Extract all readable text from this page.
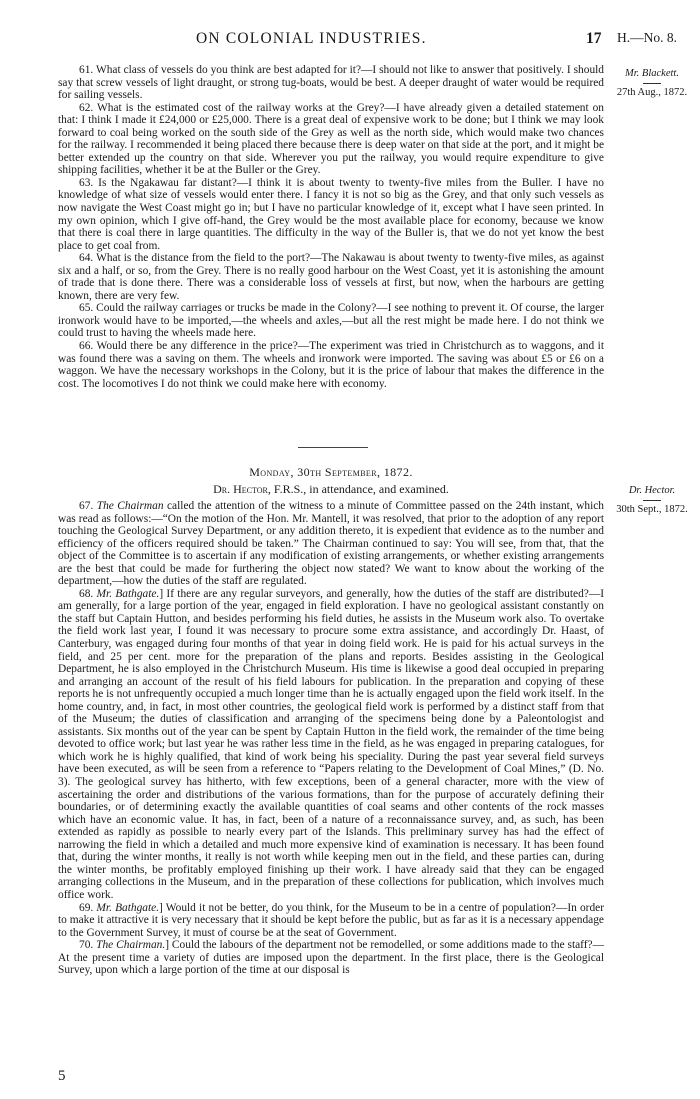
ON COLONIAL INDUSTRIES.	17 H.—No. 8.
Mr. Blackett.
27th Aug., 1872.

61. What class of vessels do you think are best adapted for it?—I should not like to answer that positively. I should say that screw vessels of light draught, or strong tug-boats, would be best. A deeper draught of water would be required for sailing vessels.

62. What is the estimated cost of the railway works at the Grey?—I have already given a detailed statement on that: I think I made it £24,000 or £25,000. There is a great deal of expensive work to be done; but I think we may look forward to coal being worked on the south side of the Grey as well as the north side, which would make two chances for the railway. I recommended it being placed there because there is deep water on that side at the port, and it might be better extended up the country on that side. Wherever you put the railway, you would require expenditure to give shipping facilities, whether it be at the Buller or the Grey.

63. Is the Ngakawau far distant?—I think it is about twenty to twenty-five miles from the Buller. I have no knowledge of what size of vessels would enter there. I fancy it is not so big as the Grey, and that only such vessels as now navigate the West Coast might go in; but I have no particular knowledge of it, except what I have seen printed. In my own opinion, which I give off-hand, the Grey would be the most available place for economy, because we know that there is coal there in large quantities. The difficulty in the way of the Buller is, that we do not yet know the best place to get coal from.

64. What is the distance from the field to the port?—The Nakawau is about twenty to twenty-five miles, as against six and a half, or so, from the Grey. There is no really good harbour on the West Coast, yet it is astonishing the amount of trade that is done there. There was a considerable loss of vessels at first, but now, when the harbours are getting known, there are very few.

65. Could the railway carriages or trucks be made in the Colony?—I see nothing to prevent it. Of course, the larger ironwork would have to be imported,—the wheels and axles,—but all the rest might be made here. I do not think we could trust to having the wheels made here.

66. Would there be any difference in the price?—The experiment was tried in Christchurch as to waggons, and it was found there was a saving on them. The wheels and ironwork were imported. The saving was about £5 or £6 on a waggon. We have the necessary workshops in the Colony, but it is the price of labour that makes the difference in the cost. The locomotives I do not think we could make here with economy.

Monday, 30th September, 1872.
Dr. Hector, F.R.S., in attendance, and examined.	Dr. Hector.
30th Sept., 1872.

67. The Chairman called the attention of the witness to a minute of Committee passed on the 24th instant, which was read as follows:—“On the motion of the Hon. Mr. Mantell, it was resolved, that prior to the adoption of any report touching the Geological Survey Department, or any addition thereto, it is expedient that evidence as to the number and efficiency of the officers required should be taken.” The Chairman continued to say: You will see, from that, that the object of the Committee is to ascertain if any modification of existing arrangements, or whether existing arrangements are the best that could be made for furthering the object now stated? We want to know about the working of the department,—how the duties of the staff are regulated.

68. Mr. Bathgate.] If there are any regular surveyors, and generally, how the duties of the staff are distributed?—I am generally, for a large portion of the year, engaged in field exploration. I have no geological assistant constantly on the staff but Captain Hutton, and besides performing his field duties, he assists in the Museum work also. To overtake the field work last year, I found it was necessary to procure some extra assistance, and accordingly Dr. Haast, of Canterbury, was engaged during four months of that year in doing field work. He is paid for his actual surveys in the field, and 25 per cent. more for the preparation of the plans and reports. Besides assisting in the Geological Department, he is also employed in the Christchurch Museum. His time is likewise a good deal occupied in preparing and arranging an account of the result of his field labours for publication. In the preparation and copying of these reports he is not unfrequently occupied a much longer time than he is actually engaged upon the field work itself. In the home country, and, in fact, in most other countries, the geological field work is performed by a distinct staff from that of the Museum; the duties of classification and arranging of the specimens being done by a Paleontologist and assistants. Six months out of the year can be spent by Captain Hutton in the field work, the remainder of the time being devoted to office work; but last year he was rather less time in the field, as he was engaged in preparing catalogues, for which work he is highly qualified, that kind of work being his speciality. During the past year several field surveys have been executed, as will be seen from a reference to “Papers relating to the Development of Coal Mines,” (D. No. 3). The geological survey has hitherto, with few exceptions, been of a general character, more with the view of ascertaining the order and distributions of the various formations, than for the purpose of accurately defining their boundaries, or of determining exactly the available quantities of coal seams and other contents of the rock masses which have an economic value. It has, in fact, been of a nature of a reconnaissance survey, and, as such, has been extended as rapidly as possible to nearly every part of the Islands. This preliminary survey has had the effect of narrowing the field in which a detailed and much more expensive kind of examination is necessary. It has been found that, during the winter months, it really is not worth while keeping men out in the field, and these parties can, during the winter months, be profitably employed finishing up their work. I have already said that they can be engaged arranging collections in the Museum, and in the preparation of these collections for publication, which involves much office work.

69. Mr. Bathgate.] Would it not be better, do you think, for the Museum to be in a centre of population?—In order to make it attractive it is very necessary that it should be kept before the public, but as far as it is a necessary appendage to the Government Survey, it must of course be at the seat of Government.

70. The Chairman.] Could the labours of the department not be remodelled, or some additions made to the staff?—At the present time a variety of duties are imposed upon the department. In the first place, there is the Geological Survey, upon which a large portion of the time at our disposal is

5
